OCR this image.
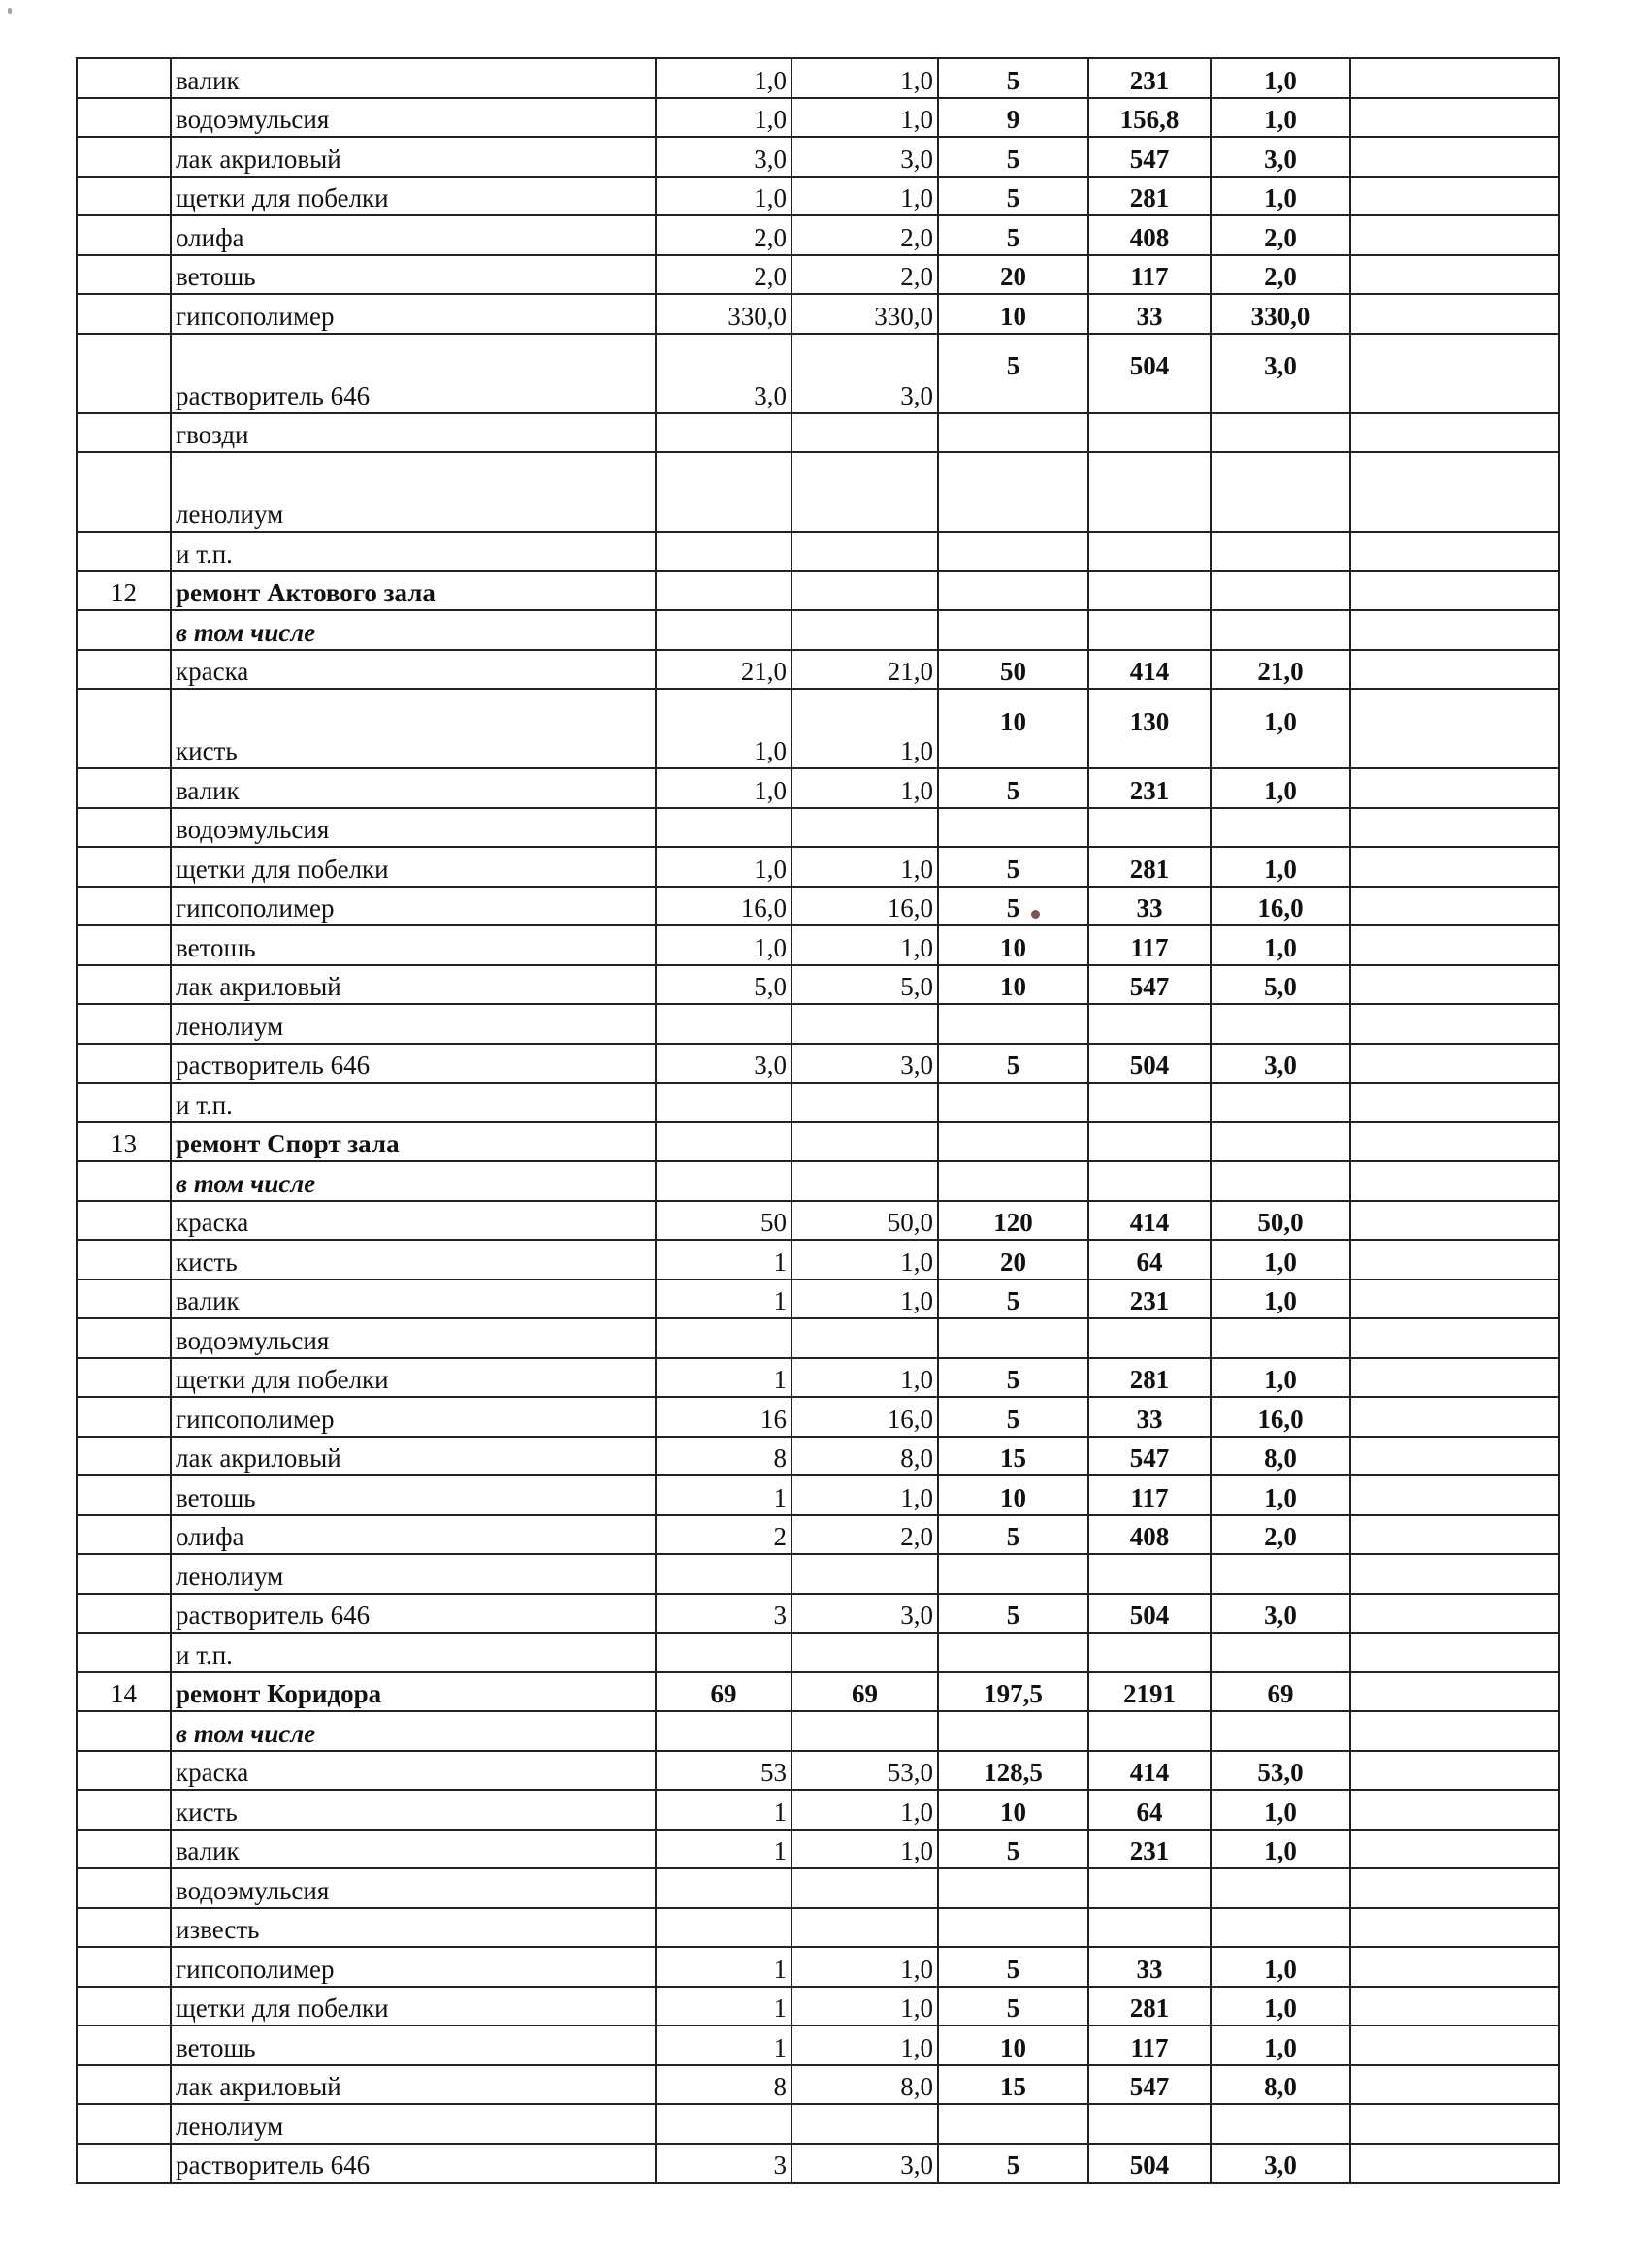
	валик	1,0	1,0	5	231	1,0	
	водоэмульсия	1,0	1,0	9	156,8	1,0	
	лак акриловый	3,0	3,0	5	547	3,0	
	щетки для побелки	1,0	1,0	5	281	1,0	
	олифа	2,0	2,0	5	408	2,0	
	ветошь	2,0	2,0	20	117	2,0	
	гипсополимер	330,0	330,0	10	33	330,0	
	растворитель 646	3,0	3,0	5	504	3,0	
	гвозди						
	ленолиум						
	и т.п.						
12	ремонт Актового зала						
	в том числе						
	краска	21,0	21,0	50	414	21,0	
	кисть	1,0	1,0	10	130	1,0	
	валик	1,0	1,0	5	231	1,0	
	водоэмульсия						
	щетки для побелки	1,0	1,0	5	281	1,0	
	гипсополимер	16,0	16,0	5	33	16,0	
	ветошь	1,0	1,0	10	117	1,0	
	лак акриловый	5,0	5,0	10	547	5,0	
	ленолиум						
	растворитель 646	3,0	3,0	5	504	3,0	
	и т.п.						
13	ремонт Спорт зала						
	в том числе						
	краска	50	50,0	120	414	50,0	
	кисть	1	1,0	20	64	1,0	
	валик	1	1,0	5	231	1,0	
	водоэмульсия						
	щетки для побелки	1	1,0	5	281	1,0	
	гипсополимер	16	16,0	5	33	16,0	
	лак акриловый	8	8,0	15	547	8,0	
	ветошь	1	1,0	10	117	1,0	
	олифа	2	2,0	5	408	2,0	
	ленолиум						
	растворитель 646	3	3,0	5	504	3,0	
	и т.п.						
14	ремонт Коридора	69	69	197,5	2191	69	
	в том числе						
	краска	53	53,0	128,5	414	53,0	
	кисть	1	1,0	10	64	1,0	
	валик	1	1,0	5	231	1,0	
	водоэмульсия						
	известь						
	гипсополимер	1	1,0	5	33	1,0	
	щетки для побелки	1	1,0	5	281	1,0	
	ветошь	1	1,0	10	117	1,0	
	лак акриловый	8	8,0	15	547	8,0	
	ленолиум						
	растворитель 646	3	3,0	5	504	3,0	
